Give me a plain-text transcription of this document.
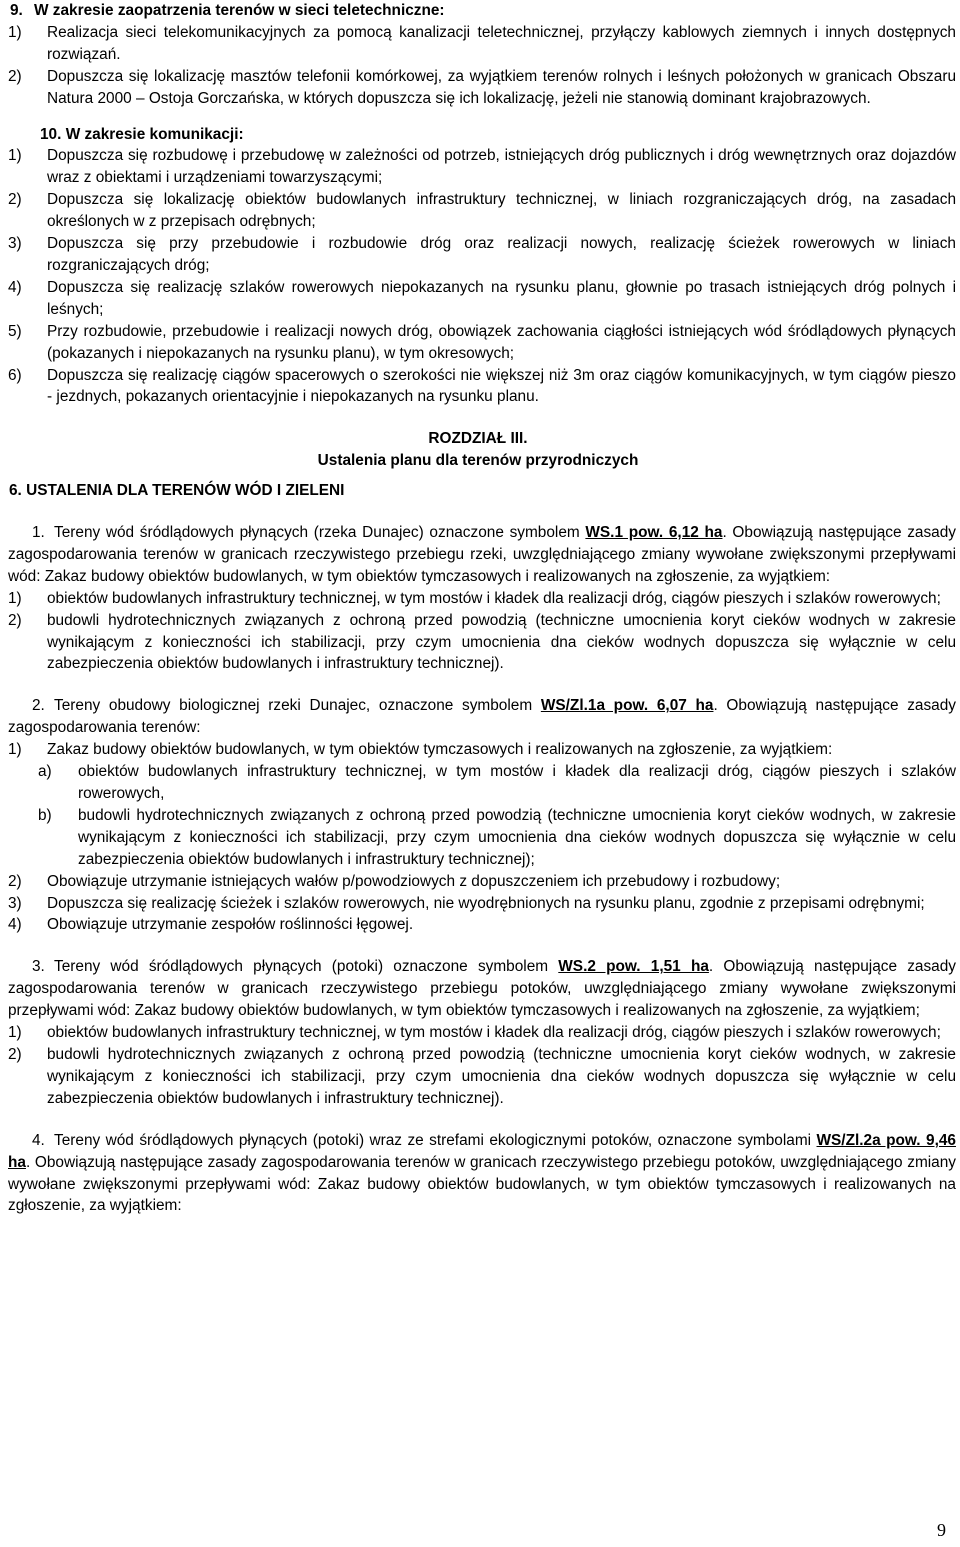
9. W zakresie zaopatrzenia terenów w sieci teletechniczne:

1)	Realizacja sieci telekomunikacyjnych za pomocą kanalizacji teletechnicznej, przyłączy kablowych ziemnych i innych dostępnych rozwiązań.
2)	Dopuszcza się lokalizację masztów telefonii komórkowej, za wyjątkiem terenów rolnych i leśnych położonych w granicach Obszaru Natura 2000 – Ostoja Gorczańska, w których dopuszcza się ich lokalizację, jeżeli nie stanowią dominant krajobrazowych.

10. W zakresie komunikacji:

1)	Dopuszcza się rozbudowę i przebudowę w zależności od potrzeb, istniejących dróg publicznych i dróg wewnętrznych oraz dojazdów wraz z obiektami i urządzeniami towarzyszącymi;
2)	Dopuszcza się lokalizację obiektów budowlanych infrastruktury technicznej, w liniach rozgraniczających dróg, na zasadach określonych w z przepisach odrębnych;
3)	Dopuszcza się przy przebudowie i rozbudowie dróg oraz realizacji nowych, realizację ścieżek rowerowych w liniach rozgraniczających dróg;
4)	Dopuszcza się realizację szlaków rowerowych niepokazanych na rysunku planu, głownie po trasach istniejących dróg polnych i leśnych;
5)	Przy rozbudowie, przebudowie i realizacji nowych dróg, obowiązek zachowania ciągłości istniejących wód śródlądowych płynących (pokazanych i niepokazanych na rysunku planu), w tym okresowych;
6)	Dopuszcza się realizację ciągów spacerowych o szerokości nie większej niż 3m oraz ciągów komunikacyjnych, w tym ciągów pieszo - jezdnych, pokazanych orientacyjnie i niepokazanych na rysunku planu.

ROZDZIAŁ III.

Ustalenia planu dla terenów przyrodniczych

6. USTALENIA DLA TERENÓW WÓD I ZIELENI

1. Tereny wód śródlądowych płynących (rzeka Dunajec) oznaczone symbolem WS.1 pow. 6,12 ha. Obowiązują następujące zasady zagospodarowania terenów w granicach rzeczywistego przebiegu rzeki, uwzględniającego zmiany wywołane zwiększonymi przepływami wód: Zakaz budowy obiektów budowlanych, w tym obiektów tymczasowych i realizowanych na zgłoszenie, za wyjątkiem:

1)	obiektów budowlanych infrastruktury technicznej, w tym mostów i kładek dla realizacji dróg, ciągów pieszych i szlaków rowerowych;
2)	budowli hydrotechnicznych związanych z ochroną przed powodzią (techniczne umocnienia koryt cieków wodnych w zakresie wynikającym z konieczności ich stabilizacji, przy czym umocnienia dna cieków wodnych dopuszcza się wyłącznie w celu zabezpieczenia obiektów budowlanych i infrastruktury technicznej).

2. Tereny obudowy biologicznej rzeki Dunajec, oznaczone symbolem WS/Zl.1a pow. 6,07 ha. Obowiązują następujące zasady zagospodarowania terenów:

1)	Zakaz budowy obiektów budowlanych, w tym obiektów tymczasowych i realizowanych na zgłoszenie, za wyjątkiem:
a)	obiektów budowlanych infrastruktury technicznej, w tym mostów i kładek dla realizacji dróg, ciągów pieszych i szlaków rowerowych,
b)	budowli hydrotechnicznych związanych z ochroną przed powodzią (techniczne umocnienia koryt cieków wodnych, w zakresie wynikającym z konieczności ich stabilizacji, przy czym umocnienia dna cieków wodnych dopuszcza się wyłącznie w celu zabezpieczenia obiektów budowlanych i infrastruktury technicznej);
2)	Obowiązuje utrzymanie istniejących wałów p/powodziowych z dopuszczeniem ich przebudowy i rozbudowy;
3)	Dopuszcza się realizację ścieżek i szlaków rowerowych, nie wyodrębnionych na rysunku planu, zgodnie z przepisami odrębnymi;
4)	Obowiązuje utrzymanie zespołów roślinności łęgowej.

3. Tereny wód śródlądowych płynących (potoki) oznaczone symbolem WS.2 pow. 1,51 ha. Obowiązują następujące zasady zagospodarowania terenów w granicach rzeczywistego przebiegu potoków, uwzględniającego zmiany wywołane zwiększonymi przepływami wód: Zakaz budowy obiektów budowlanych, w tym obiektów tymczasowych i realizowanych na zgłoszenie, za wyjątkiem;

1)	obiektów budowlanych infrastruktury technicznej, w tym mostów i kładek dla realizacji dróg, ciągów pieszych i szlaków rowerowych;
2)	budowli hydrotechnicznych związanych z ochroną przed powodzią (techniczne umocnienia koryt cieków wodnych, w zakresie wynikającym z konieczności ich stabilizacji, przy czym umocnienia dna cieków wodnych dopuszcza się wyłącznie w celu zabezpieczenia obiektów budowlanych i infrastruktury technicznej).

4. Tereny wód śródlądowych płynących (potoki) wraz ze strefami ekologicznymi potoków, oznaczone symbolami WS/Zl.2a pow. 9,46 ha. Obowiązują następujące zasady zagospodarowania terenów w granicach rzeczywistego przebiegu potoków, uwzględniającego zmiany wywołane zwiększonymi przepływami wód: Zakaz budowy obiektów budowlanych, w tym obiektów tymczasowych i realizowanych na zgłoszenie, za wyjątkiem:

9
